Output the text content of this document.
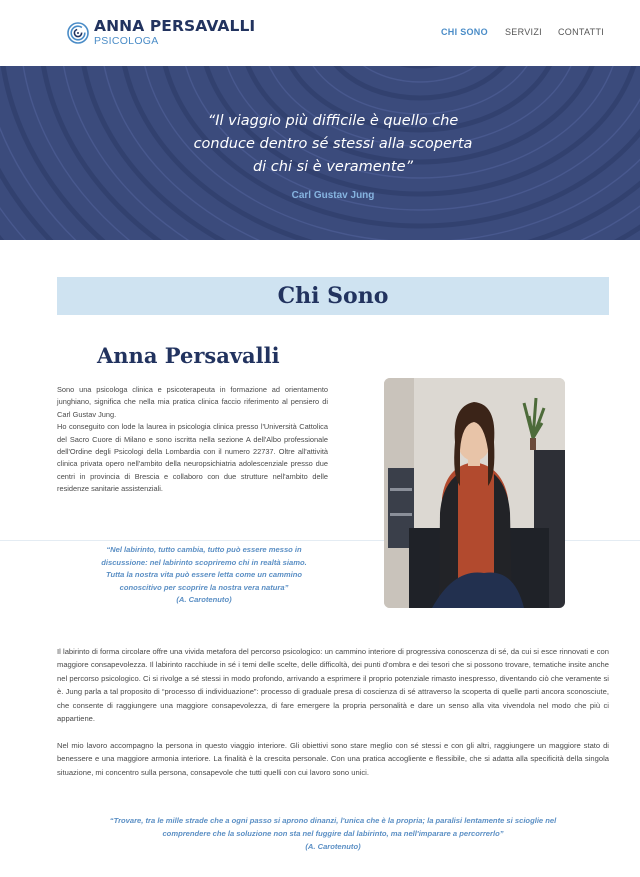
ANNA PERSAVALLI
PSICOLOGA
CHI SONO SERVIZI CONTATTI
“Il viaggio più difficile è quello che
conduce dentro sé stessi alla scoperta
di chi si è veramente”
Carl Gustav Jung
Chi Sono
Anna Persavalli

Sono una psicologa clinica e psicoterapeuta in formazione ad orientamento junghiano, significa che nella mia pratica clinica faccio riferimento al pensiero di Carl Gustav Jung.

Ho conseguito con lode la laurea in psicologia clinica presso l'Università Cattolica del Sacro Cuore di Milano e sono iscritta nella sezione A dell'Albo professionale dell'Ordine degli Psicologi della Lombardia con il numero 22737. Oltre all'attività clinica privata opero nell'ambito della neuropsichiatria adolescenziale presso due centri in provincia di Brescia e collaboro con due strutture nell'ambito delle residenze sanitarie assistenziali.

“Nel labirinto, tutto cambia, tutto può essere messo in
discussione: nel labirinto scopriremo chi in realtà siamo.
Tutta la nostra vita può essere letta come un cammino
conoscitivo per scoprire la nostra vera natura”
(A. Carotenuto)

Il labirinto di forma circolare offre una vivida metafora del percorso psicologico: un cammino interiore di progressiva conoscenza di sé, da cui si esce rinnovati e con maggiore consapevolezza. Il labirinto racchiude in sé i temi delle scelte, delle difficoltà, dei punti d'ombra e dei tesori che si possono trovare, tematiche insite anche nel percorso psicologico. Ci si rivolge a sé stessi in modo profondo, arrivando a esprimere il proprio potenziale rimasto inespresso, diventando ciò che veramente si è. Jung parla a tal proposito di “processo di individuazione”: processo di graduale presa di coscienza di sé attraverso la scoperta di quelle parti ancora sconosciute, che consente di raggiungere una maggiore consapevolezza, di fare emergere la propria personalità e dare un senso alla vita vivendola nel modo che più ci appartiene.

Nel mio lavoro accompagno la persona in questo viaggio interiore. Gli obiettivi sono stare meglio con sé stessi e con gli altri, raggiungere un maggiore stato di benessere e una maggiore armonia interiore. La finalità è la crescita personale. Con una pratica accogliente e flessibile, che si adatta alla specificità della singola situazione, mi concentro sulla persona, consapevole che tutti quelli con cui lavoro sono unici.

“Trovare, tra le mille strade che a ogni passo si aprono dinanzi, l'unica che è la propria; la paralisi lentamente si scioglie nel
comprendere che la soluzione non sta nel fuggire dal labirinto, ma nell'imparare a percorrerlo”
(A. Carotenuto)
